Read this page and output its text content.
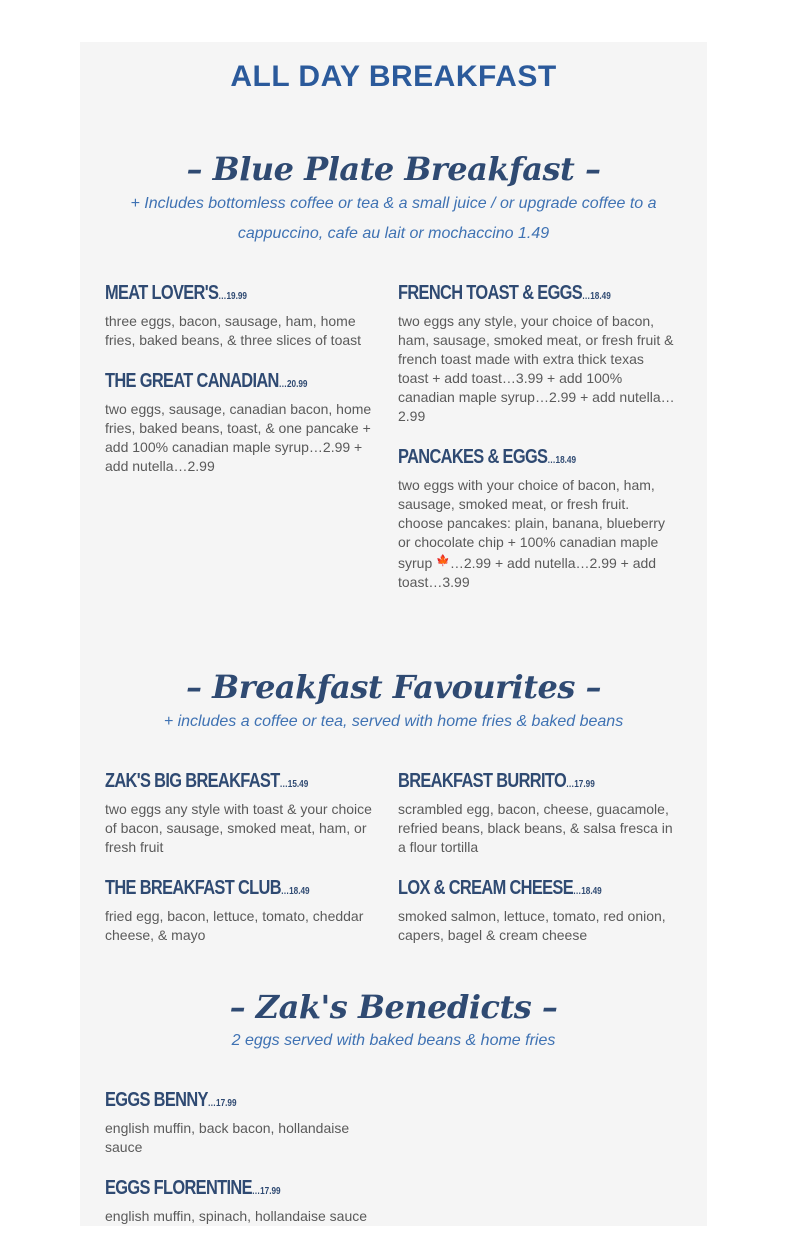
ALL DAY BREAKFAST
– Blue Plate Breakfast –

+ Includes bottomless coffee or tea & a small juice / or upgrade coffee to a cappuccino, cafe au lait or mochaccino 1.49

MEAT LOVER'S…19.99

three eggs, bacon, sausage, ham, home fries, baked beans, & three slices of toast

THE GREAT CANADIAN…20.99

two eggs, sausage, canadian bacon, home fries, baked beans, toast, & one pancake + add 100% canadian maple syrup…2.99 + add nutella…2.99

FRENCH TOAST & EGGS…18.49

two eggs any style, your choice of bacon, ham, sausage, smoked meat, or fresh fruit & french toast made with extra thick texas toast + add toast…3.99 + add 100% canadian maple syrup…2.99 + add nutella…2.99

PANCAKES & EGGS…18.49

two eggs with your choice of bacon, ham, sausage, smoked meat, or fresh fruit. choose pancakes: plain, banana, blueberry or chocolate chip + 100% canadian maple syrup 🍁…2.99 + add nutella…2.99 + add toast…3.99

– Breakfast Favourites –

+ includes a coffee or tea, served with home fries & baked beans

ZAK'S BIG BREAKFAST…15.49

two eggs any style with toast & your choice of bacon, sausage, smoked meat, ham, or fresh fruit

THE BREAKFAST CLUB…18.49

fried egg, bacon, lettuce, tomato, cheddar cheese, & mayo

BREAKFAST BURRITO…17.99

scrambled egg, bacon, cheese, guacamole, refried beans, black beans, & salsa fresca in a flour tortilla

LOX & CREAM CHEESE…18.49

smoked salmon, lettuce, tomato, red onion, capers, bagel & cream cheese

– Zak's Benedicts –

2 eggs served with baked beans & home fries

EGGS BENNY…17.99

english muffin, back bacon, hollandaise sauce

EGGS FLORENTINE…17.99

english muffin, spinach, hollandaise sauce
